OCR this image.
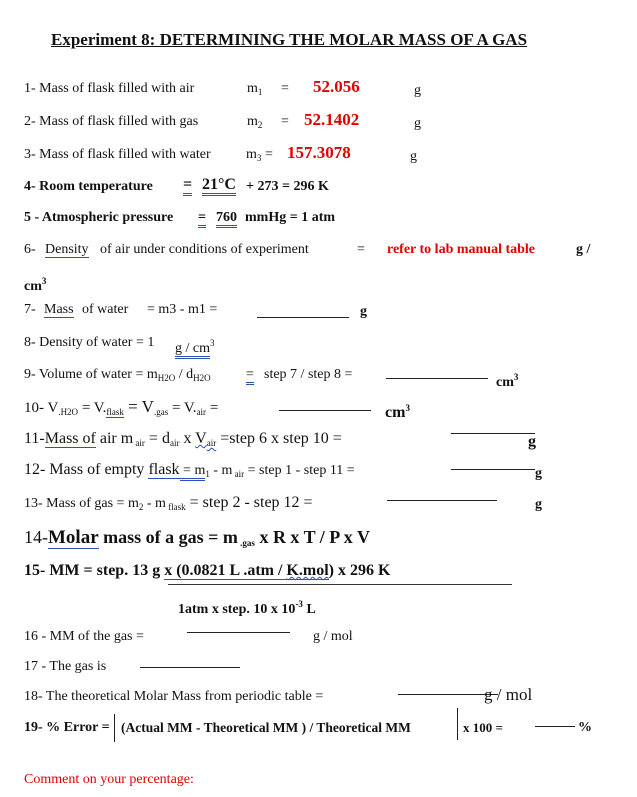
Experiment 8: DETERMINING THE MOLAR MASS OF A GAS
1- Mass of flask filled with air	$m_1 = 52.056$	g
2- Mass of flask filled with gas	$m_2 = 52.1402$	g
3- Mass of flask filled with water	$m_3 = 157.3078$	g
4- Room temperature = 21°C + 273 = 296 K
5 - Atmospheric pressure = 760 mmHg = 1 atm
6- Density of air under conditions of experiment	= refer to lab manual table	g /
$cm^3$
7- Mass of water = m3 - m1 =	g
8- Density of water = 1 g / $cm^3$
9- Volume of water = $m_{H2O} / d_{H2O}$	= step 7 / step 8 =
$cm^3$
10- $V_{.H2O} = V._{flask} = V_{.gas} = V._{air}$ =	$cm^3$
11-Mass of air m $_{air} = d_{air}$ x $V_{air}$ =step 6 x step 10 =	g
12- Mass of empty flask = $m_1$ - m $_{air}$ = step 1 - step 11 =	g
13- Mass of gas = $m_2$ - m $_{flask}$ = step 2 - step 12 =	g
14-Molar mass of a gas = m $_{.gas}$ x R x T / P x V
15- MM = step. 13 g x (0.0821 L .atm / K.mol) x 296 K
1atm x step. 10 x $10^{-3}$ L
16 - MM of the gas =	g / mol
17 - The gas is
18- The theoretical Molar Mass from periodic table =	g / mol
19- % Error = (Actual MM - Theoretical MM ) / Theoretical MM	x 100 =	%
Comment on your percentage:
